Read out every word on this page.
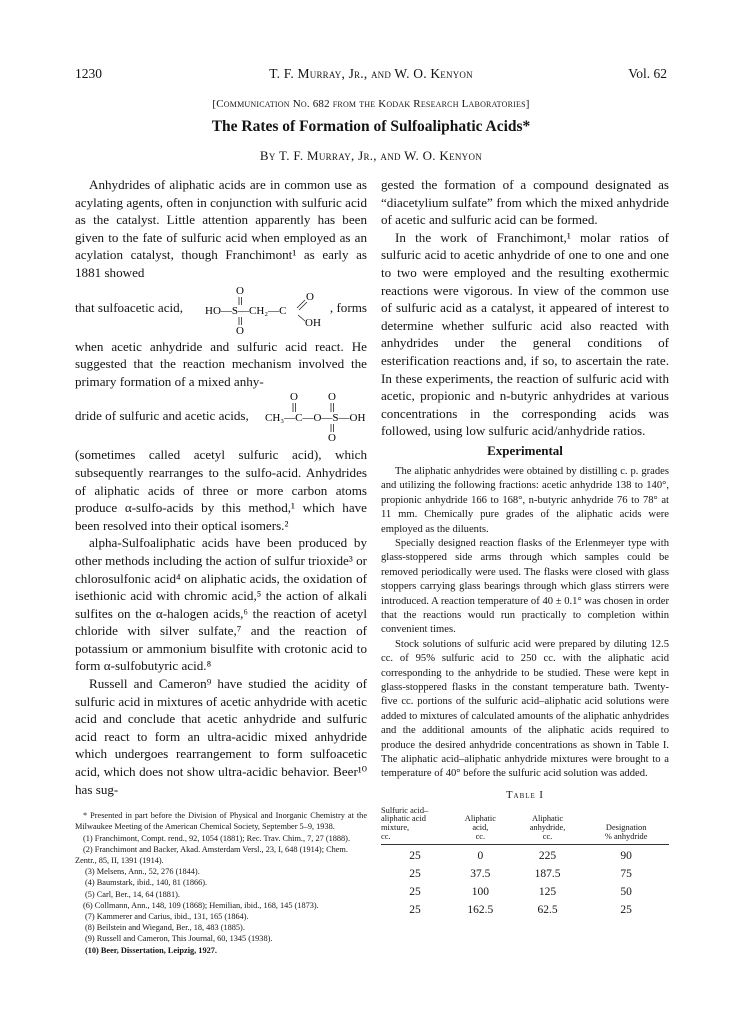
1230	T. F. Murray, Jr., and W. O. Kenyon	Vol. 62
[Communication No. 682 from the Kodak Research Laboratories]
The Rates of Formation of Sulfoaliphatic Acids*
By T. F. Murray, Jr., and W. O. Kenyon

Anhydrides of aliphatic acids are in common use as acylating agents, often in conjunction with sulfuric acid as the catalyst. Little attention apparently has been given to the fate of sulfuric acid when employed as an acylation catalyst, though Franchimont¹ as early as 1881 showed

that sulfoacetic acid,
O
HO—S—CH₂—C
O
O
OH
, forms

when acetic anhydride and sulfuric acid react. He suggested that the reaction mechanism involved the primary formation of a mixed anhy-

dride of sulfuric and acetic acids,
O	O
CH₃—C—O—S—OH
O

(sometimes called acetyl sulfuric acid), which subsequently rearranges to the sulfo-acid. Anhydrides of aliphatic acids of three or more carbon atoms produce α-sulfo-acids by this method,¹ which have been resolved into their optical isomers.²

alpha-Sulfoaliphatic acids have been produced by other methods including the action of sulfur trioxide³ or chlorosulfonic acid⁴ on aliphatic acids, the oxidation of isethionic acid with chromic acid,⁵ the action of alkali sulfites on the α-halogen acids,⁶ the reaction of acetyl chloride with silver sulfate,⁷ and the reaction of potassium or ammonium bisulfite with crotonic acid to form α-sulfobutyric acid.⁸

Russell and Cameron⁹ have studied the acidity of sulfuric acid in mixtures of acetic anhydride with acetic acid and conclude that acetic anhydride and sulfuric acid react to form an ultra-acidic mixed anhydride which undergoes rearrangement to form sulfoacetic acid, which does not show ultra-acidic behavior. Beer¹⁰ has sug-

* Presented in part before the Division of Physical and Inorganic Chemistry at the Milwaukee Meeting of the American Chemical Society, September 5–9, 1938.
(1) Franchimont, Compt. rend., 92, 1054 (1881); Rec. Trav. Chim., 7, 27 (1888).
(2) Franchimont and Backer, Akad. Amsterdam Versl., 23, I, 648 (1914); Chem. Zentr., 85, II, 1391 (1914).
(3) Melsens, Ann., 52, 276 (1844).
(4) Baumstark, ibid., 140, 81 (1866).
(5) Carl, Ber., 14, 64 (1881).
(6) Collmann, Ann., 148, 109 (1868); Hemilian, ibid., 168, 145 (1873).
(7) Kammerer and Carius, ibid., 131, 165 (1864).
(8) Beilstein and Wiegand, Ber., 18, 483 (1885).
(9) Russell and Cameron, This Journal, 60, 1345 (1938).
(10) Beer, Dissertation, Leipzig, 1927.

gested the formation of a compound designated as “diacetylium sulfate” from which the mixed anhydride of acetic and sulfuric acid can be formed.

In the work of Franchimont,¹ molar ratios of sulfuric acid to acetic anhydride of one to one and one to two were employed and the resulting exothermic reactions were vigorous. In view of the common use of sulfuric acid as a catalyst, it appeared of interest to determine whether sulfuric acid also reacted with anhydrides under the general conditions of esterification reactions and, if so, to ascertain the rate. In these experiments, the reaction of sulfuric acid with acetic, propionic and n-butyric anhydrides at various concentrations in the corresponding acids was followed, using low sulfuric acid/anhydride ratios.

Experimental

The aliphatic anhydrides were obtained by distilling c. p. grades and utilizing the following fractions: acetic anhydride 138 to 140°, propionic anhydride 166 to 168°, n-butyric anhydride 76 to 78° at 11 mm. Chemically pure grades of the aliphatic acids were employed as the diluents.

Specially designed reaction flasks of the Erlenmeyer type with glass-stoppered side arms through which samples could be removed periodically were used. The flasks were closed with glass stoppers carrying glass bearings through which glass stirrers were introduced. A reaction temperature of 40 ± 0.1° was chosen in order that the reactions would run practically to completion within convenient times.

Stock solutions of sulfuric acid were prepared by diluting 12.5 cc. of 95% sulfuric acid to 250 cc. with the aliphatic acid corresponding to the anhydride to be studied. These were kept in glass-stoppered flasks in the constant temperature bath. Twenty-five cc. portions of the sulfuric acid–aliphatic acid solutions were added to mixtures of calculated amounts of the aliphatic anhydrides and the additional amounts of the aliphatic acids required to produce the desired anhydride concentrations as shown in Table I. The aliphatic acid–aliphatic anhydride mixtures were brought to a temperature of 40° before the sulfuric acid solution was added.

Table I
Sulfuric acid–
aliphatic acid
mixture,
cc.	Aliphatic
acid,
cc.	Aliphatic
anhydride,
cc.	Designation
% anhydride
25	0	225	90
25	37.5	187.5	75
25	100	125	50
25	162.5	62.5	25
